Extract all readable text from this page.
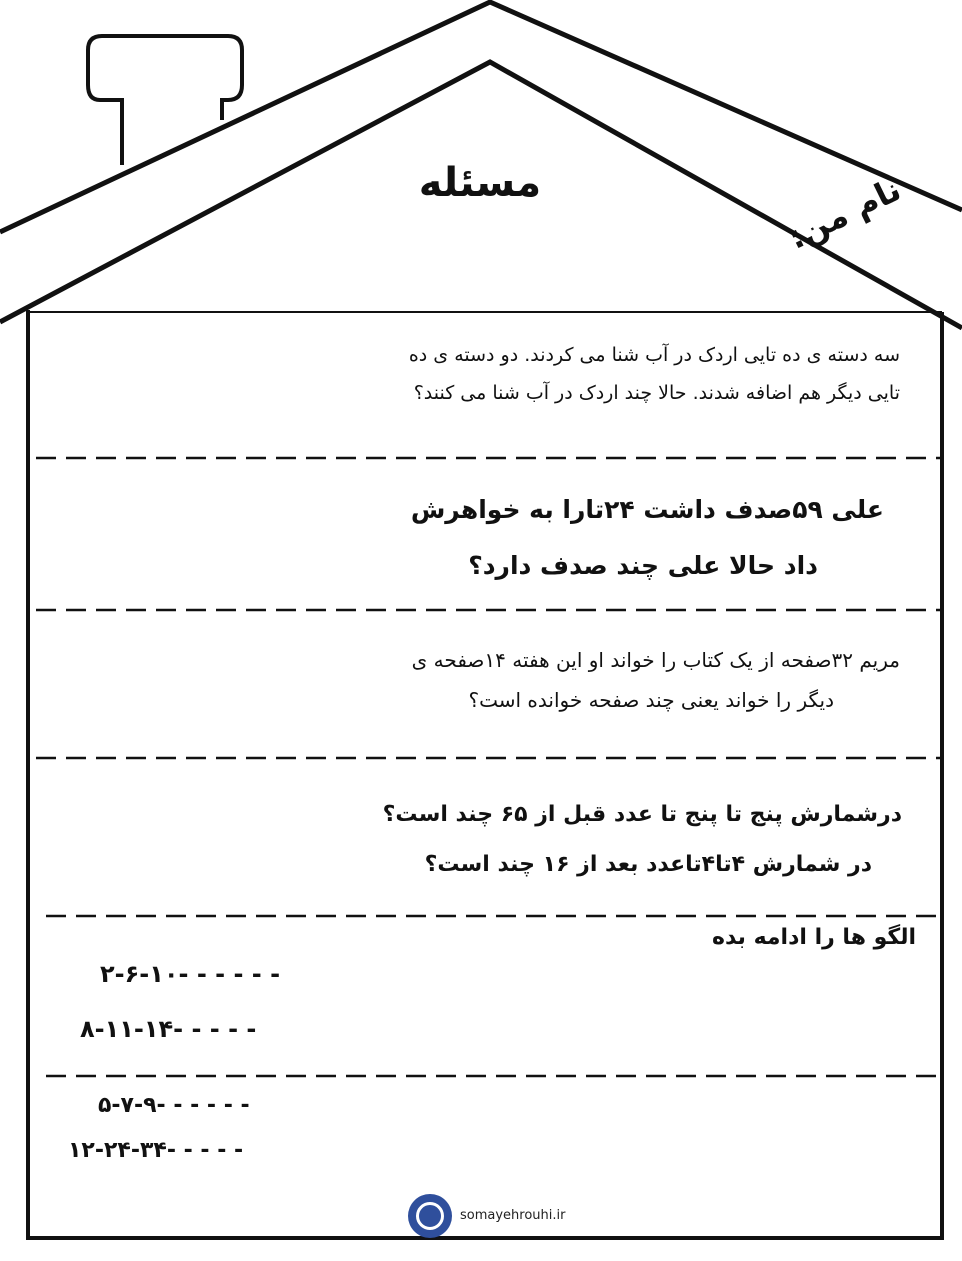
مسئله	نام من:
سه دسته ی ده تایی اردک در آب شنا می کردند. دو دسته ی ده
تایی دیگر هم اضافه شدند. حالا چند اردک در آب شنا می کنند؟
علی ۵۹صدف داشت ۲۴تارا به خواهرش
داد حالا علی چند صدف دارد؟
مریم ۳۲صفحه از یک کتاب را خواند او این هفته ۱۴صفحه ی
دیگر را خواند یعنی چند صفحه خوانده است؟
درشمارش پنج تا پنج تا عدد قبل از ۶۵ چند است؟
در شمارش ۴تا۴تاعدد بعد از ۱۶ چند است؟
الگو ها را ادامه بده
۲-۶-۱۰- - - - - -
۸-۱۱-۱۴- - - - -
۵-۷-۹- - - - - -
۱۲-۲۴-۳۴- - - - -
somayehrouhi.ir
